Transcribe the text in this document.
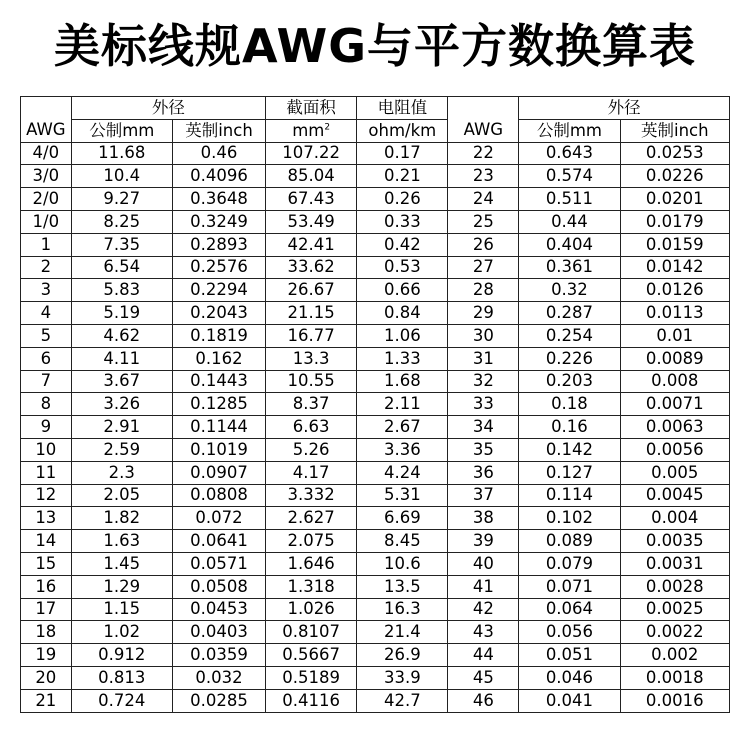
美标线规AWG与平方数换算表
AWG	外径		截面积	电阻值	AWG	外径	
	公制mm	英制inch	$mm^2$	ohm/km		公制mm	英制inch
4/0	11.68	0.46	107.22	0.17	22	0.643	0.0253
3/0	10.4	0.4096	85.04	0.21	23	0.574	0.0226
2/0	9.27	0.3648	67.43	0.26	24	0.511	0.0201
1/0	8.25	0.3249	53.49	0.33	25	0.44	0.0179
1	7.35	0.2893	42.41	0.42	26	0.404	0.0159
2	6.54	0.2576	33.62	0.53	27	0.361	0.0142
3	5.83	0.2294	26.67	0.66	28	0.32	0.0126
4	5.19	0.2043	21.15	0.84	29	0.287	0.0113
5	4.62	0.1819	16.77	1.06	30	0.254	0.01
6	4.11	0.162	13.3	1.33	31	0.226	0.0089
7	3.67	0.1443	10.55	1.68	32	0.203	0.008
8	3.26	0.1285	8.37	2.11	33	0.18	0.0071
9	2.91	0.1144	6.63	2.67	34	0.16	0.0063
10	2.59	0.1019	5.26	3.36	35	0.142	0.0056
11	2.3	0.0907	4.17	4.24	36	0.127	0.005
12	2.05	0.0808	3.332	5.31	37	0.114	0.0045
13	1.82	0.072	2.627	6.69	38	0.102	0.004
14	1.63	0.0641	2.075	8.45	39	0.089	0.0035
15	1.45	0.0571	1.646	10.6	40	0.079	0.0031
16	1.29	0.0508	1.318	13.5	41	0.071	0.0028
17	1.15	0.0453	1.026	16.3	42	0.064	0.0025
18	1.02	0.0403	0.8107	21.4	43	0.056	0.0022
19	0.912	0.0359	0.5667	26.9	44	0.051	0.002
20	0.813	0.032	0.5189	33.9	45	0.046	0.0018
21	0.724	0.0285	0.4116	42.7	46	0.041	0.0016
